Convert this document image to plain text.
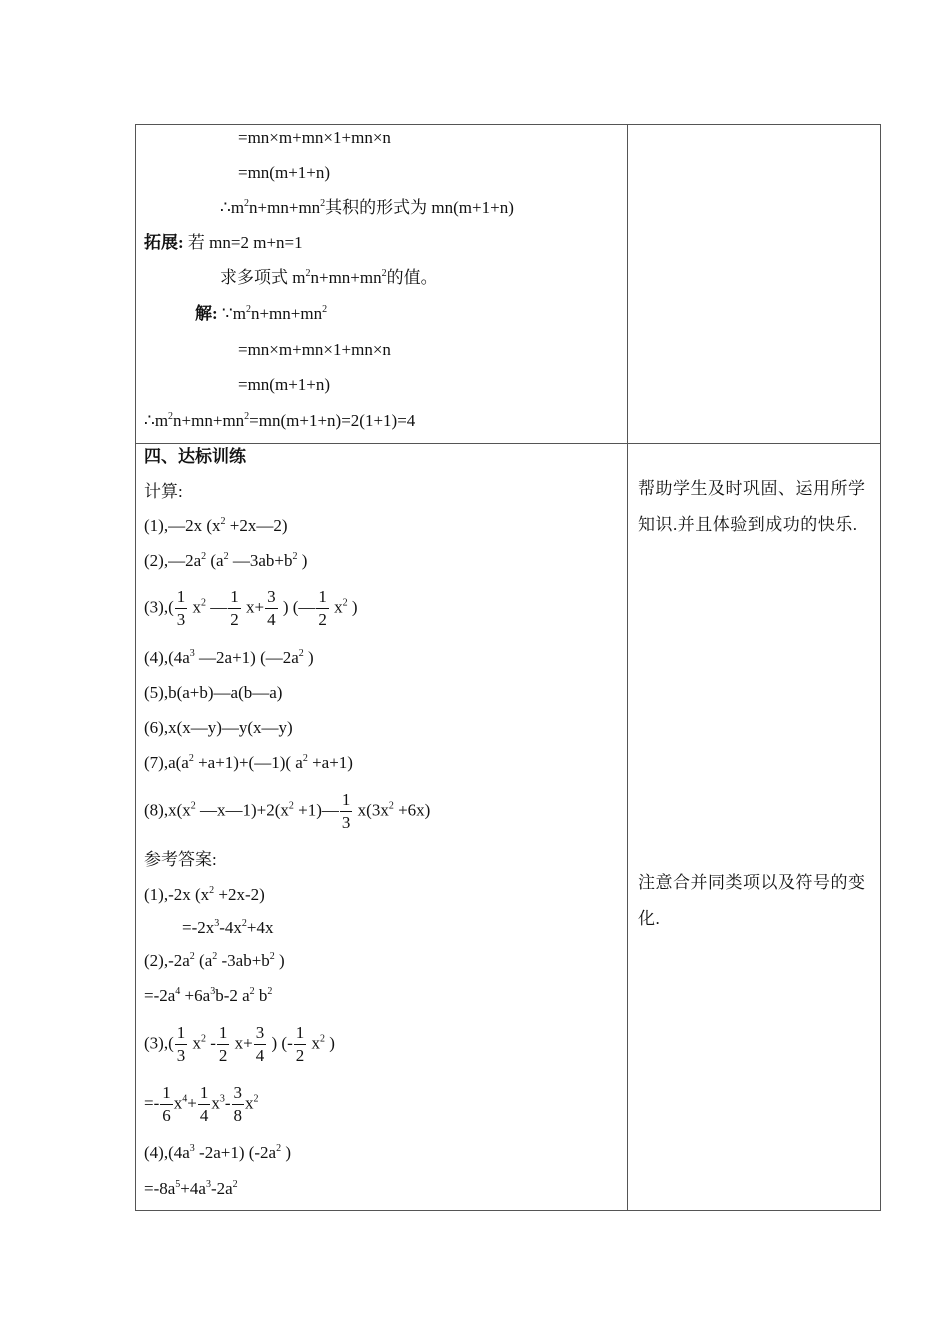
=mn×m+mn×1+mn×n
=mn(m+1+n)
$\therefore m^2n+mn+mn^2$其积的形式为 mn(m+1+n)
拓展: 若 mn=2 m+n=1
求多项式 $m^2n+mn+mn^2$的值。
解: $\because m^2n+mn+mn^2$
=mn×m+mn×1+mn×n
=mn(m+1+n)
$\therefore m^2n+mn+mn^2=mn(m+1+n)=2(1+1)=4$
四、达标训练
计算:
(1),—2x ($x^2$ +2x—2)
$(2),—2a^2$ ($a^2$ $—3ab+b^2$ )
$(3),( \frac{1}{3} x^2$ — $\frac{1}{2} x+ \frac{3}{4}$ ) (— $\frac{1}{2} x^2$ )
$(4),(4a^3$ —2a+1) ($—2a^2$ )
(5),b(a+b)—a(b—a)
(6),x(x—y)—y(x—y)
$(7),a(a^2$ +a+1)+(—1)( $a^2 +a+1$)
$(8),x(x^2$ $—x—1)+2(x^2$ +1)— $\frac{1}{3} x(3x^2 +6x)$
参考答案:
(1),-2x $(x^2 +2x-2)$
$=-2x^3-4x^2+4x$
$(2),-2a^2$ ($a^2$ $-3ab+b^2$ )
$=-2a^4 +6a^3b-2$ $a^2$ $b^2$
$(3),( \frac{1}{3} x^2 - \frac{1}{2} x+ \frac{3}{4}$ ) (- $\frac{1}{2} x^2$ )
=- $\frac{1}{6} x^4+ \frac{1}{4} x^3- \frac{3}{8} x^2$
$(4),(4a^3$ -2a+1) ($-2a^2$ )
$=-8a^5+4a^3-2a^2$
帮助学生及时巩固、运用所学知识.并且体验到成功的快乐.
注意合并同类项以及符号的变化.
